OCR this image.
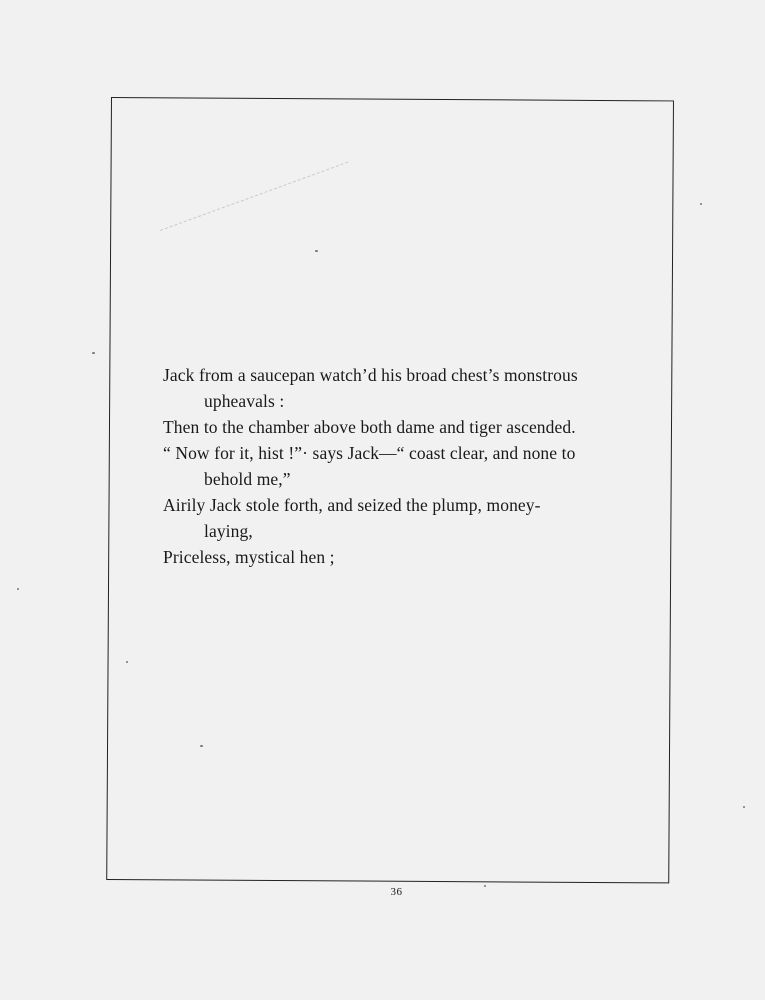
Jack from a saucepan watch’d his broad chest’s monstrous
upheavals :

Then to the chamber above both dame and tiger ascended.

“ Now for it, hist !”· says Jack—“ coast clear, and none to
behold me,”

Airily Jack stole forth, and seized the plump, money-
laying,

Priceless, mystical hen ;

36
